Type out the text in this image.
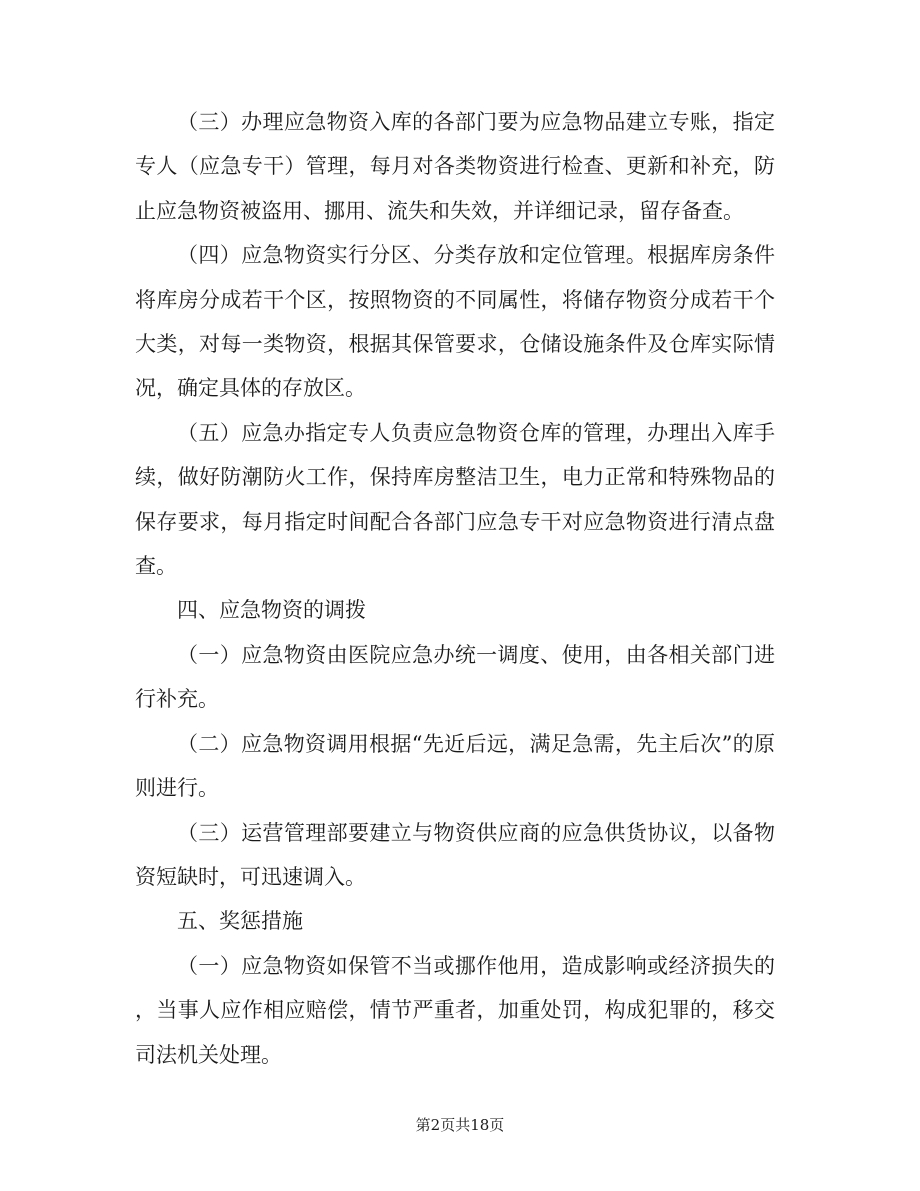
（三）办理应急物资入库的各部门要为应急物品建立专账，指定专人（应急专干）管理，每月对各类物资进行检查、更新和补充，防止应急物资被盗用、挪用、流失和失效，并详细记录，留存备查。

（四）应急物资实行分区、分类存放和定位管理。根据库房条件将库房分成若干个区，按照物资的不同属性，将储存物资分成若干个大类，对每一类物资，根据其保管要求，仓储设施条件及仓库实际情况，确定具体的存放区。

（五）应急办指定专人负责应急物资仓库的管理，办理出入库手续，做好防潮防火工作，保持库房整洁卫生，电力正常和特殊物品的保存要求，每月指定时间配合各部门应急专干对应急物资进行清点盘查。

四、应急物资的调拨

（一）应急物资由医院应急办统一调度、使用，由各相关部门进行补充。

（二）应急物资调用根据“先近后远，满足急需，先主后次”的原则进行。

（三）运营管理部要建立与物资供应商的应急供货协议，以备物资短缺时，可迅速调入。

五、奖惩措施

（一）应急物资如保管不当或挪作他用，造成影响或经济损失的，当事人应作相应赔偿，情节严重者，加重处罚，构成犯罪的，移交司法机关处理。

第2页共18页
